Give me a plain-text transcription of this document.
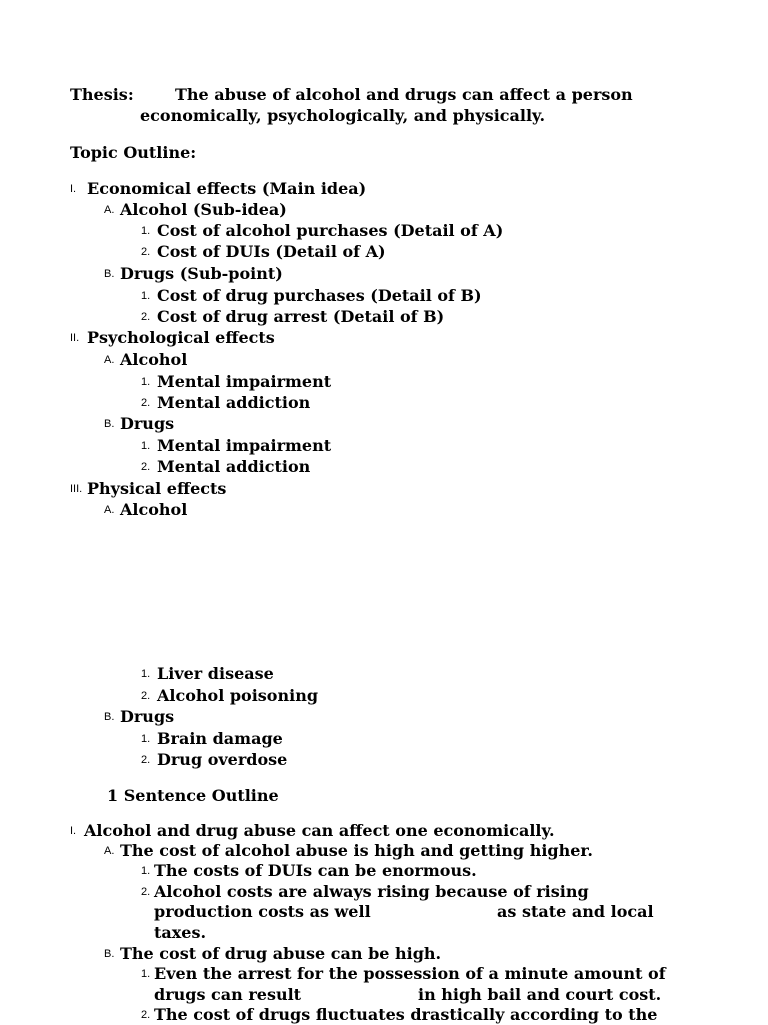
Thesis:	The abuse of alcohol and drugs can affect a person
economically, psychologically, and physically.
Topic Outline:
I. Economical effects (Main idea)
A. Alcohol (Sub-idea)
1. Cost of alcohol purchases (Detail of A)
2. Cost of DUIs (Detail of A)
B. Drugs (Sub-point)
1. Cost of drug purchases (Detail of B)
2. Cost of drug arrest (Detail of B)
II. Psychological effects
A. Alcohol
1. Mental impairment
2. Mental addiction
B. Drugs
1. Mental impairment
2. Mental addiction
III. Physical effects
A. Alcohol
1. Liver disease
2. Alcohol poisoning
B. Drugs
1. Brain damage
2. Drug overdose
1 Sentence Outline
I. Alcohol and drug abuse can affect one economically.
A. The cost of alcohol abuse is high and getting higher.
1. The costs of DUIs can be enormous.
2. Alcohol costs are always rising because of rising
production costs as well	as state and local
taxes.
B. The cost of drug abuse can be high.
1. Even the arrest for the possession of a minute amount of
drugs can result	in high bail and court cost.
2. The cost of drugs fluctuates drastically according to the
